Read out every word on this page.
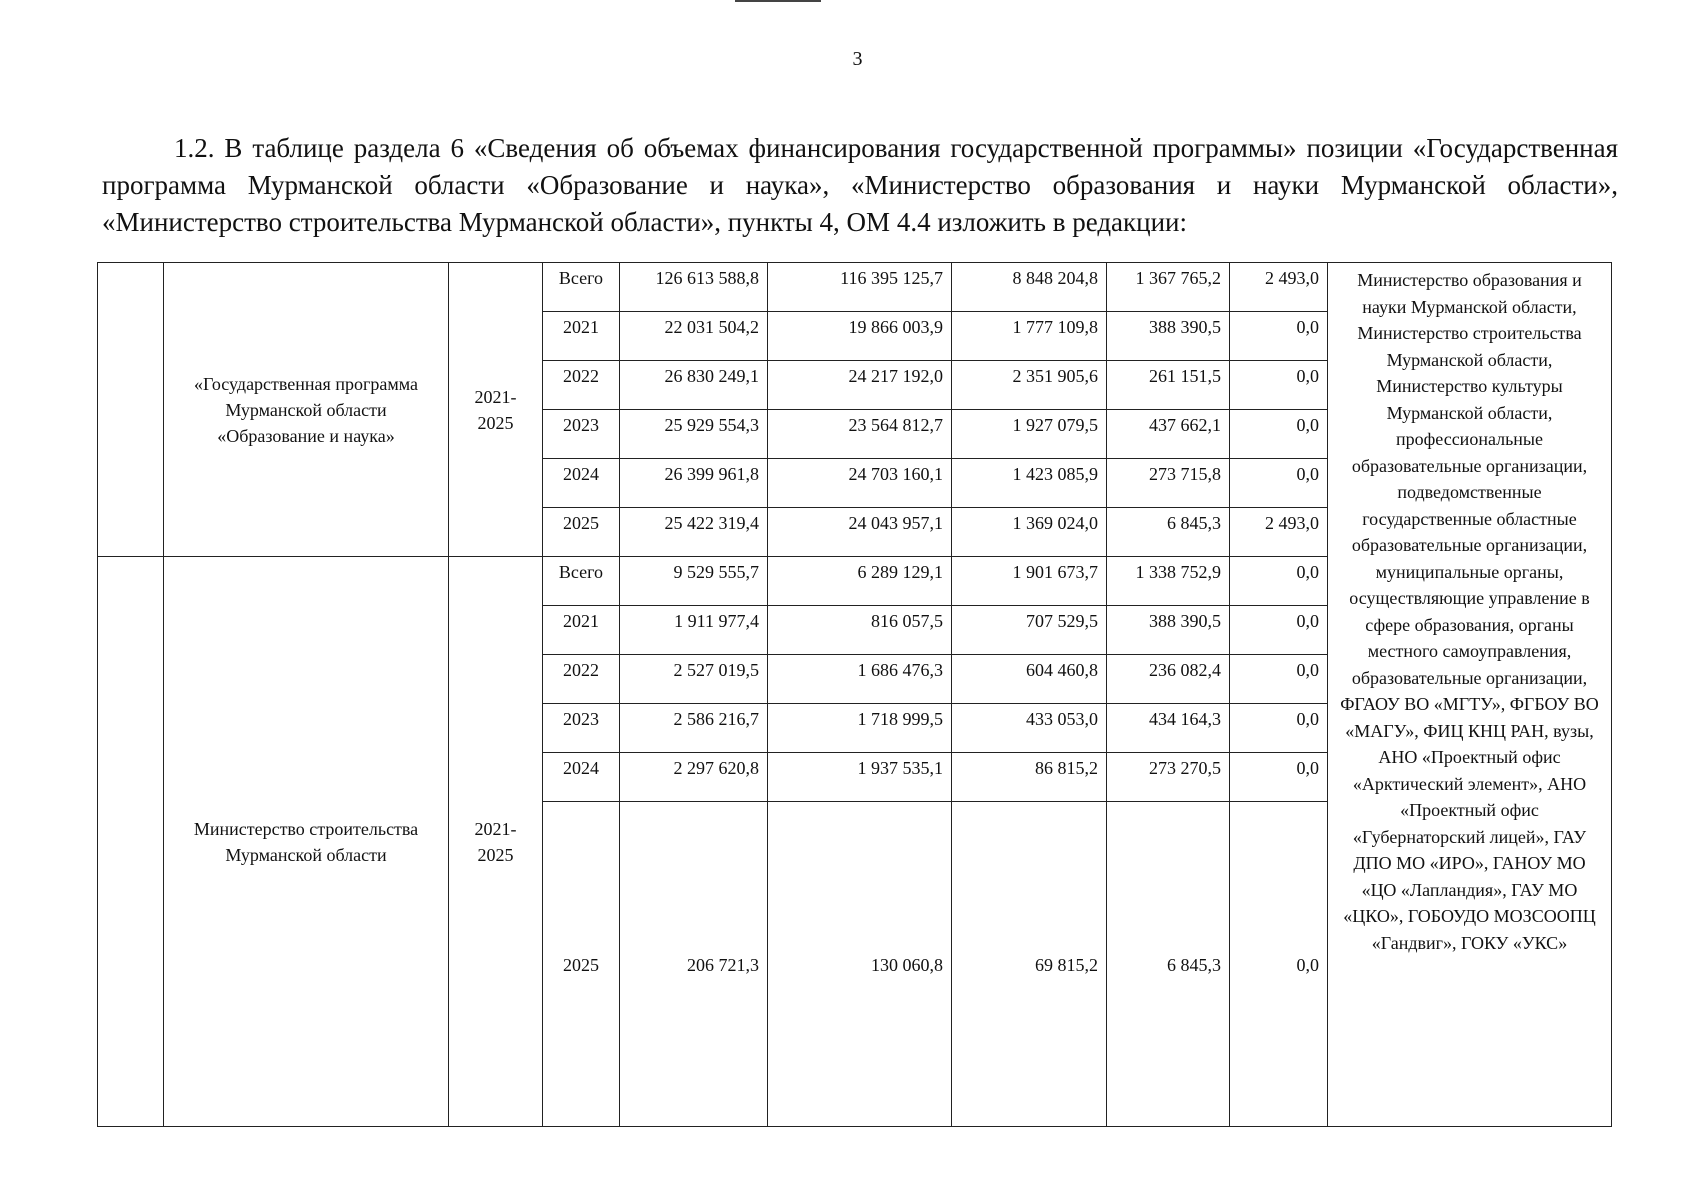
3

1.2. В таблице раздела 6 «Сведения об объемах финансирования государственной программы» позиции «Государственная программа Мурманской области «Образование и наука», «Министерство образования и науки Мурманской области», «Министерство строительства Мурманской области», пункты 4, ОМ 4.4 изложить в редакции:

	«Государственная программа Мурманской области «Образование и наука»	2021-2025	Всего	126 613 588,8	116 395 125,7	8 848 204,8	1 367 765,2	2 493,0	Министерство образования и науки Мурманской области, Министерство строительства Мурманской области, Министерство культуры Мурманской области, профессиональные образовательные организации, подведомственные государственные областные образовательные организации, муниципальные органы, осуществляющие управление в сфере образования, органы местного самоуправления, образовательные организации, ФГАОУ ВО «МГТУ», ФГБОУ ВО «МАГУ», ФИЦ КНЦ РАН, вузы, АНО «Проектный офис «Арктический элемент», АНО «Проектный офис «Губернаторский лицей», ГАУ ДПО МО «ИРО», ГАНОУ МО «ЦО «Лапландия», ГАУ МО «ЦКО», ГОБОУДО МОЗСООПЦ «Гандвиг», ГОКУ «УКС»
			2021	22 031 504,2	19 866 003,9	1 777 109,8	388 390,5	0,0	
			2022	26 830 249,1	24 217 192,0	2 351 905,6	261 151,5	0,0	
			2023	25 929 554,3	23 564 812,7	1 927 079,5	437 662,1	0,0	
			2024	26 399 961,8	24 703 160,1	1 423 085,9	273 715,8	0,0	
			2025	25 422 319,4	24 043 957,1	1 369 024,0	6 845,3	2 493,0	
	Министерство строительства Мурманской области	2021-2025	Всего	9 529 555,7	6 289 129,1	1 901 673,7	1 338 752,9	0,0	
			2021	1 911 977,4	816 057,5	707 529,5	388 390,5	0,0	
			2022	2 527 019,5	1 686 476,3	604 460,8	236 082,4	0,0	
			2023	2 586 216,7	1 718 999,5	433 053,0	434 164,3	0,0	
			2024	2 297 620,8	1 937 535,1	86 815,2	273 270,5	0,0	
			2025	206 721,3	130 060,8	69 815,2	6 845,3	0,0	
